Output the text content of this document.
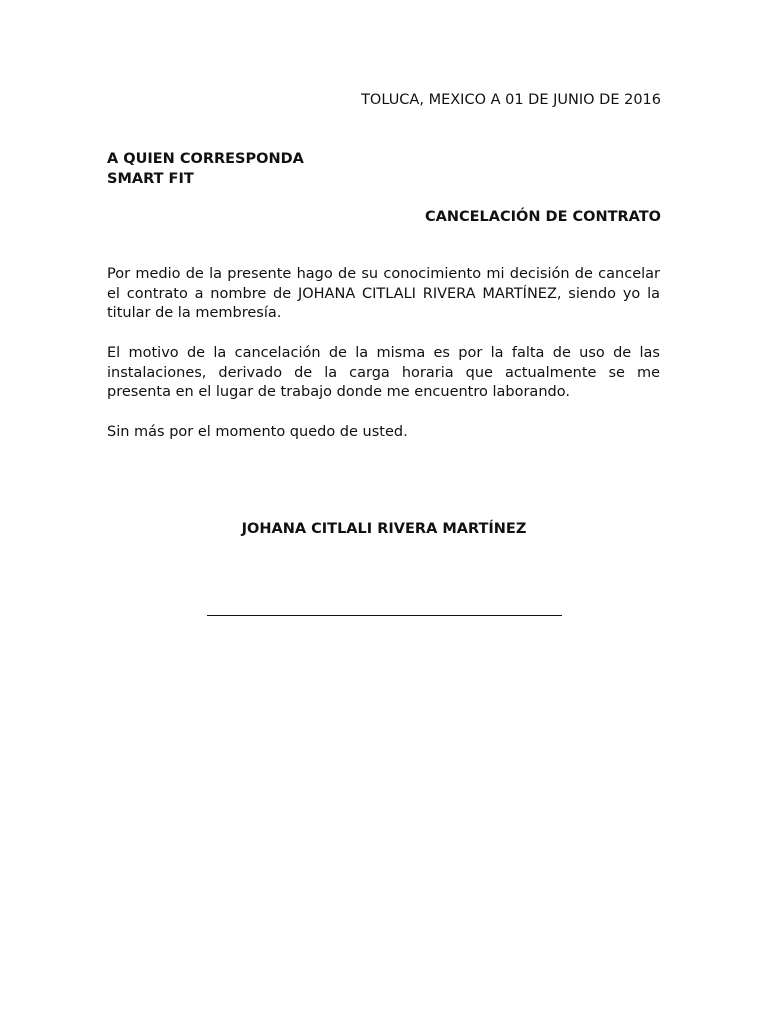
TOLUCA, MEXICO A 01 DE JUNIO DE 2016
A QUIEN CORRESPONDA
SMART FIT
CANCELACIÓN DE CONTRATO

Por medio de la presente hago de su conocimiento mi decisión de cancelar el contrato a nombre de JOHANA CITLALI RIVERA MARTÍNEZ, siendo yo la titular de la membresía.

El motivo de la cancelación de la misma es por la falta de uso de las instalaciones, derivado de la carga horaria que actualmente se me presenta en el lugar de trabajo donde me encuentro laborando.

Sin más por el momento quedo de usted.

JOHANA CITLALI RIVERA MARTÍNEZ
